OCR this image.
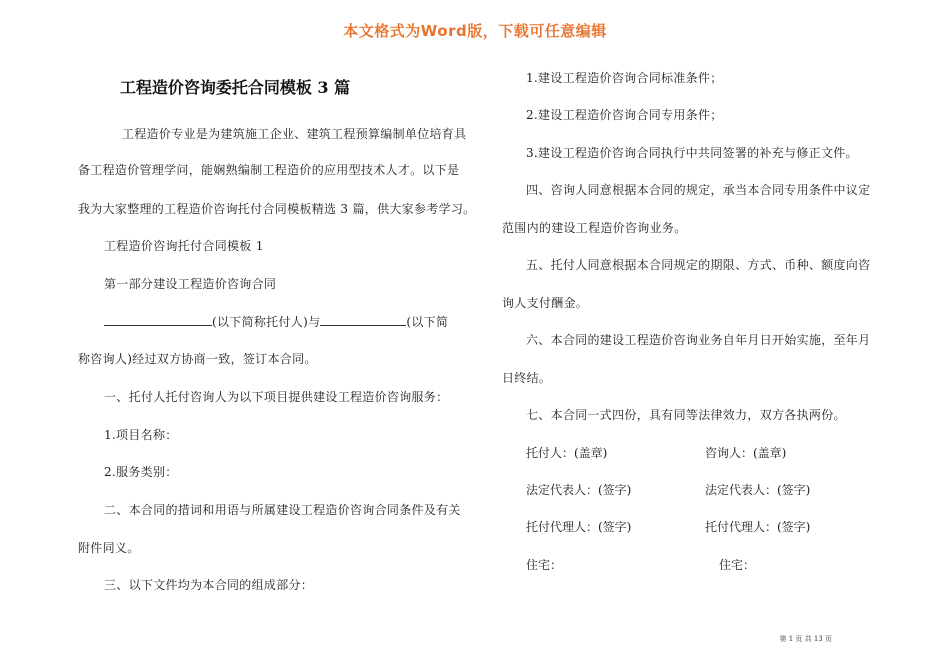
本文格式为Word版，下载可任意编辑
工程造价咨询委托合同模板 3 篇
工程造价专业是为建筑施工企业、建筑工程预算编制单位培育具
备工程造价管理学问，能娴熟编制工程造价的应用型技术人才。以下是
我为大家整理的工程造价咨询托付合同模板精选 3 篇，供大家参考学习。
工程造价咨询托付合同模板 1
第一部分建设工程造价咨询合同
(以下简称托付人)与	(以下简
称咨询人)经过双方协商一致，签订本合同。
一、托付人托付咨询人为以下项目提供建设工程造价咨询服务：
1.项目名称：
2.服务类别：
二、本合同的措词和用语与所属建设工程造价咨询合同条件及有关
附件同义。
三、以下文件均为本合同的组成部分：
1.建设工程造价咨询合同标准条件；
2.建设工程造价咨询合同专用条件；
3.建设工程造价咨询合同执行中共同签署的补充与修正文件。
四、咨询人同意根据本合同的规定，承当本合同专用条件中议定
范围内的建设工程造价咨询业务。
五、托付人同意根据本合同规定的期限、方式、币种、额度向咨
询人支付酬金。
六、本合同的建设工程造价咨询业务自年月日开始实施，至年月
日终结。
七、本合同一式四份，具有同等法律效力，双方各执两份。
托付人：(盖章)	咨询人：(盖章)
法定代表人：(签字)	法定代表人：(签字)
托付代理人：(签字)	托付代理人：(签字)
住宅：	住宅：
第 1 页 共 13 页
